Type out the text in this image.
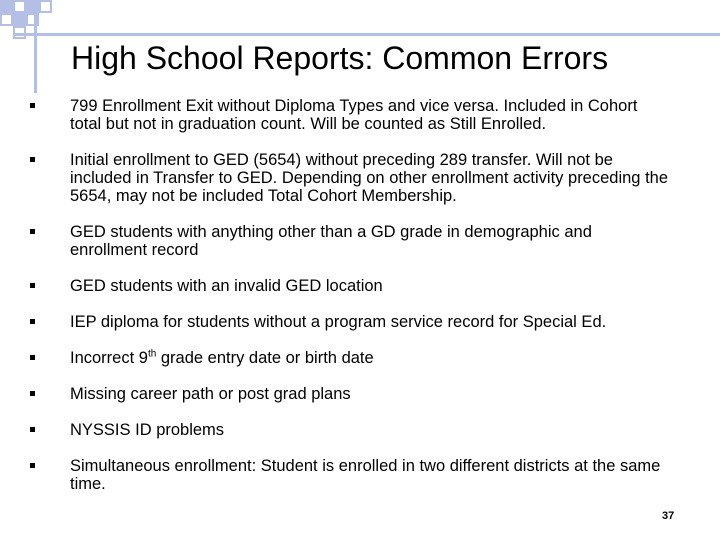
High School Reports: Common Errors
799 Enrollment Exit without Diploma Types and vice versa. Included in Cohort total but not in graduation count. Will be counted as Still Enrolled.
Initial enrollment to GED (5654) without preceding 289 transfer. Will not be included in Transfer to GED. Depending on other enrollment activity preceding the 5654, may not be included Total Cohort Membership.
GED students with anything other than a GD grade in demographic and enrollment record
GED students with an invalid GED location
IEP diploma for students without a program service record for Special Ed.
Incorrect 9th grade entry date or birth date
Missing career path or post grad plans
NYSSIS ID problems
Simultaneous enrollment: Student is enrolled in two different districts at the same time.
37
